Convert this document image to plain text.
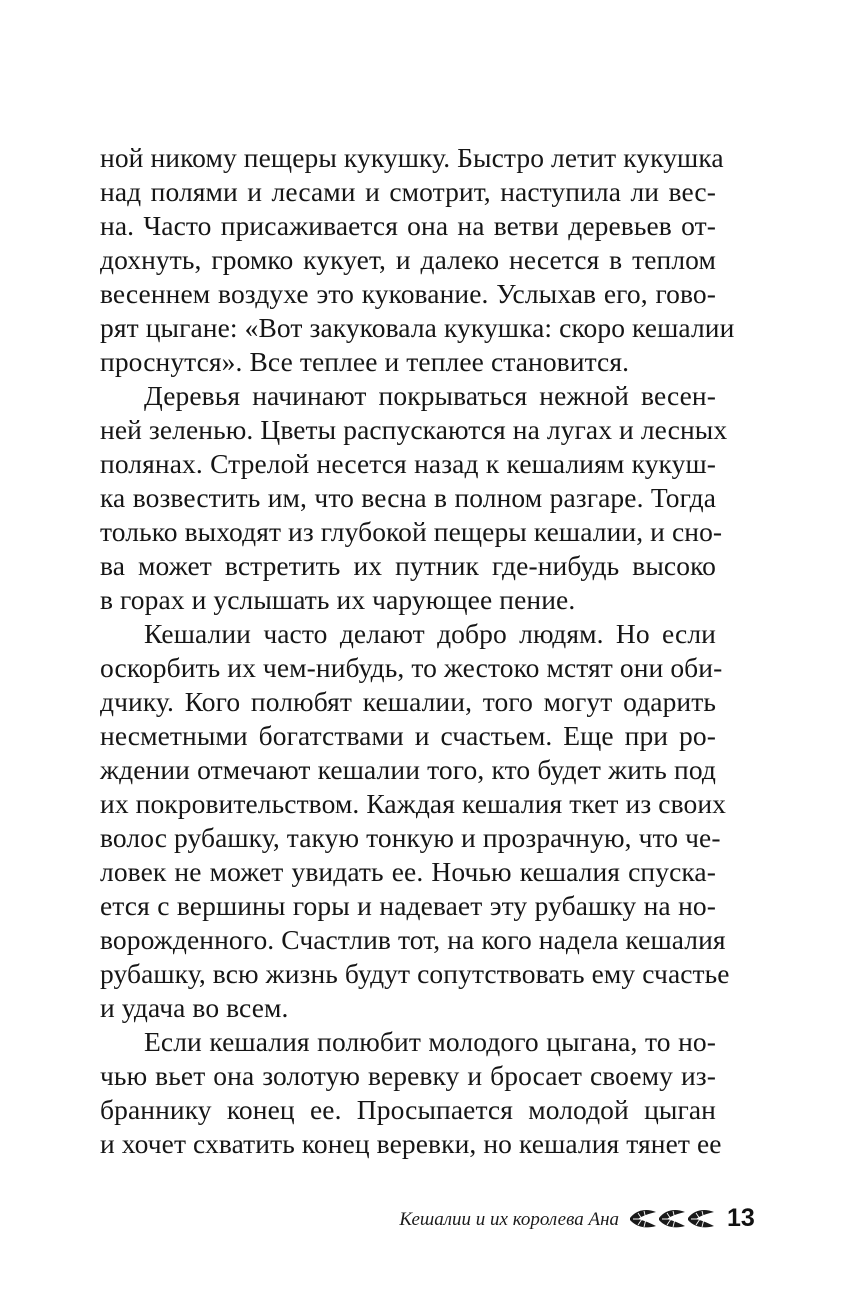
ной никому пещеры кукушку. Быстро летит кукушка
над полями и лесами и смотрит, наступила ли вес-
на. Часто присаживается она на ветви деревьев от-
дохнуть, громко кукует, и далеко несется в теплом
весеннем воздухе это кукование. Услыхав его, гово-
рят цыгане: «Вот закуковала кукушка: скоро кешалии
проснутся». Все теплее и теплее становится.
Деревья начинают покрываться нежной весен-
ней зеленью. Цветы распускаются на лугах и лесных
полянах. Стрелой несется назад к кешалиям кукуш-
ка возвестить им, что весна в полном разгаре. Тогда
только выходят из глубокой пещеры кешалии, и сно-
ва может встретить их путник где-нибудь высоко
в горах и услышать их чарующее пение.
Кешалии часто делают добро людям. Но если
оскорбить их чем-нибудь, то жестоко мстят они оби-
дчику. Кого полюбят кешалии, того могут одарить
несметными богатствами и счастьем. Еще при ро-
ждении отмечают кешалии того, кто будет жить под
их покровительством. Каждая кешалия ткет из своих
волос рубашку, такую тонкую и прозрачную, что че-
ловек не может увидать ее. Ночью кешалия спуска-
ется с вершины горы и надевает эту рубашку на но-
ворожденного. Счастлив тот, на кого надела кешалия
рубашку, всю жизнь будут сопутствовать ему счастье
и удача во всем.
Если кешалия полюбит молодого цыгана, то но-
чью вьет она золотую веревку и бросает своему из-
браннику конец ее. Просыпается молодой цыган
и хочет схватить конец веревки, но кешалия тянет ее
Кешалии и их королева Ана	13
